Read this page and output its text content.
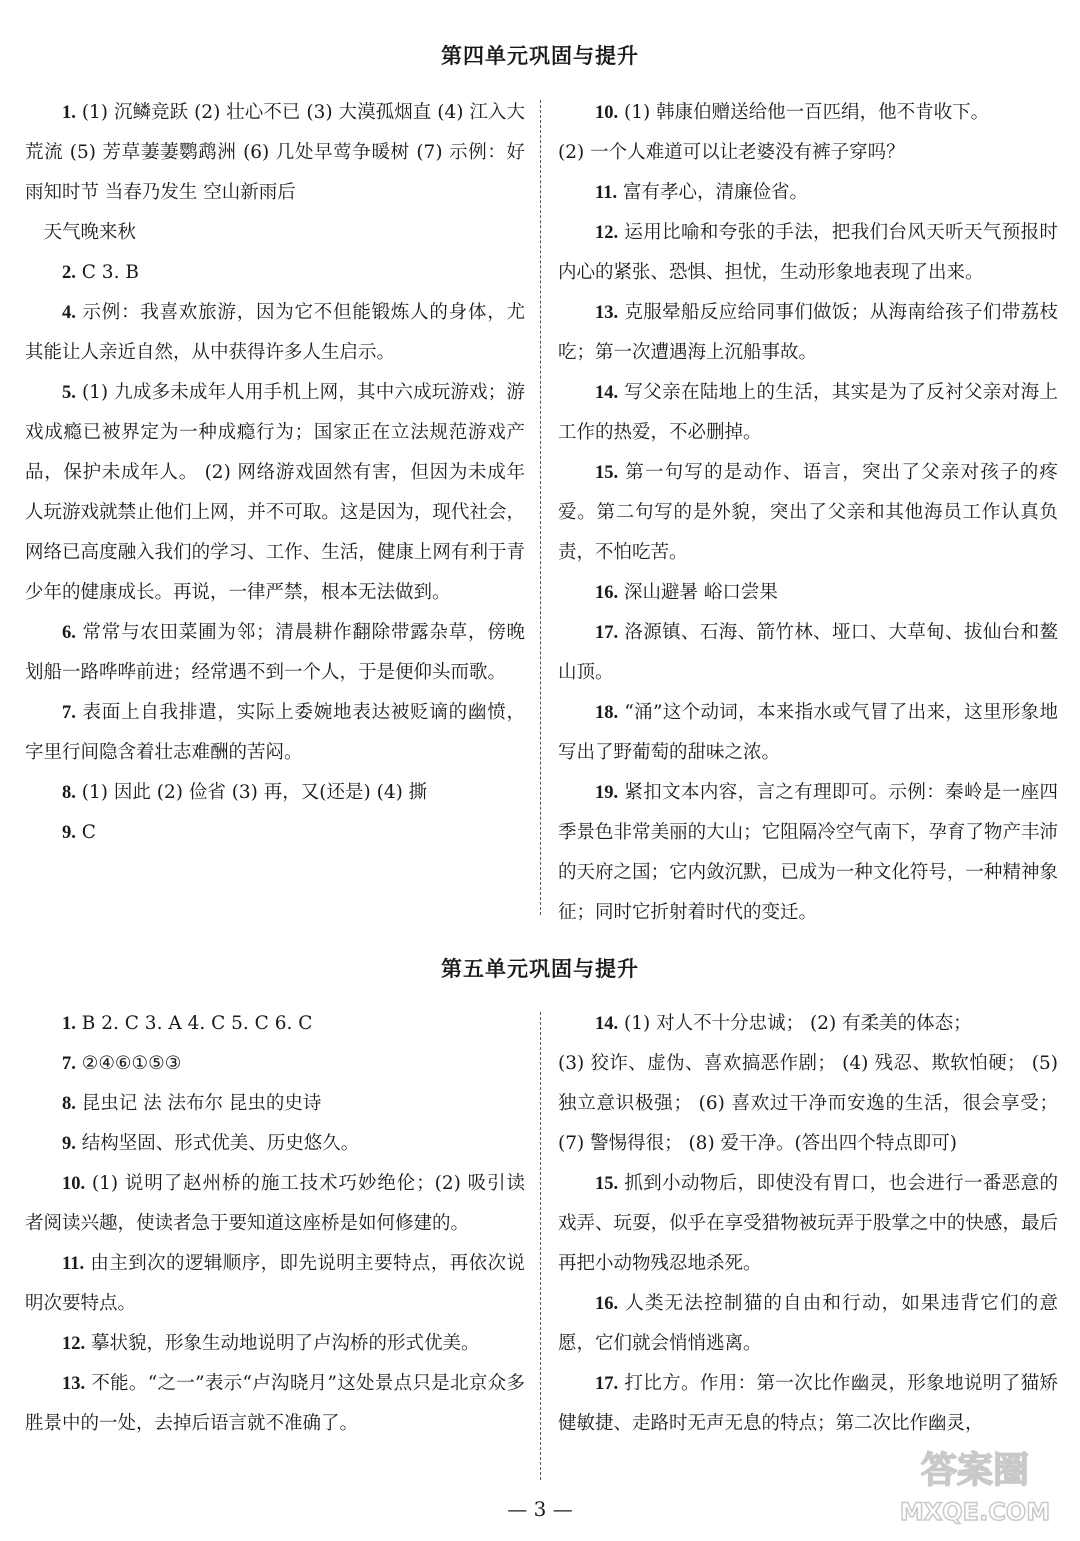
第四单元巩固与提升

1. (1) 沉鳞竞跃 (2) 壮心不已 (3) 大漠孤烟直 (4) 江入大荒流 (5) 芳草萋萋鹦鹉洲 (6) 几处早莺争暖树 (7) 示例：好雨知时节 当春乃发生 空山新雨后

天气晚来秋

2. C 3. B

4. 示例：我喜欢旅游，因为它不但能锻炼人的身体，尤其能让人亲近自然，从中获得许多人生启示。

5. (1) 九成多未成年人用手机上网，其中六成玩游戏；游戏成瘾已被界定为一种成瘾行为；国家正在立法规范游戏产品，保护未成年人。 (2) 网络游戏固然有害，但因为未成年人玩游戏就禁止他们上网，并不可取。这是因为，现代社会，网络已高度融入我们的学习、工作、生活，健康上网有利于青少年的健康成长。再说，一律严禁，根本无法做到。

6. 常常与农田菜圃为邻；清晨耕作翻除带露杂草，傍晚划船一路哗哗前进；经常遇不到一个人，于是便仰头而歌。

7. 表面上自我排遣，实际上委婉地表达被贬谪的幽愤，字里行间隐含着壮志难酬的苦闷。

8. (1) 因此 (2) 俭省 (3) 再，又(还是) (4) 撕

9. C

10. (1) 韩康伯赠送给他一百匹绢，他不肯收下。

(2) 一个人难道可以让老婆没有裤子穿吗？

11. 富有孝心，清廉俭省。

12. 运用比喻和夸张的手法，把我们台风天听天气预报时内心的紧张、恐惧、担忧，生动形象地表现了出来。

13. 克服晕船反应给同事们做饭；从海南给孩子们带荔枝吃；第一次遭遇海上沉船事故。

14. 写父亲在陆地上的生活，其实是为了反衬父亲对海上工作的热爱，不必删掉。

15. 第一句写的是动作、语言，突出了父亲对孩子的疼爱。第二句写的是外貌，突出了父亲和其他海员工作认真负责，不怕吃苦。

16. 深山避暑 峪口尝果

17. 洛源镇、石海、箭竹林、垭口、大草甸、拔仙台和鳌山顶。

18. “涌”这个动词，本来指水或气冒了出来，这里形象地写出了野葡萄的甜味之浓。

19. 紧扣文本内容，言之有理即可。示例：秦岭是一座四季景色非常美丽的大山；它阻隔冷空气南下，孕育了物产丰沛的天府之国；它内敛沉默，已成为一种文化符号，一种精神象征；同时它折射着时代的变迁。

第五单元巩固与提升

1. B 2. C 3. A 4. C 5. C 6. C

7. ②④⑥①⑤③

8. 昆虫记 法 法布尔 昆虫的史诗

9. 结构坚固、形式优美、历史悠久。

10. (1) 说明了赵州桥的施工技术巧妙绝伦；(2) 吸引读者阅读兴趣，使读者急于要知道这座桥是如何修建的。

11. 由主到次的逻辑顺序，即先说明主要特点，再依次说明次要特点。

12. 摹状貌，形象生动地说明了卢沟桥的形式优美。

13. 不能。“之一”表示“卢沟晓月”这处景点只是北京众多胜景中的一处，去掉后语言就不准确了。

14. (1) 对人不十分忠诚； (2) 有柔美的体态；

(3) 狡诈、虚伪、喜欢搞恶作剧； (4) 残忍、欺软怕硬； (5) 独立意识极强； (6) 喜欢过干净而安逸的生活，很会享受； (7) 警惕得很； (8) 爱干净。(答出四个特点即可)

15. 抓到小动物后，即使没有胃口，也会进行一番恶意的戏弄、玩耍，似乎在享受猎物被玩弄于股掌之中的快感，最后再把小动物残忍地杀死。

16. 人类无法控制猫的自由和行动，如果违背它们的意愿，它们就会悄悄逃离。

17. 打比方。作用：第一次比作幽灵，形象地说明了猫矫健敏捷、走路时无声无息的特点；第二次比作幽灵，

— 3 —
答案圈
MXQE.COM
